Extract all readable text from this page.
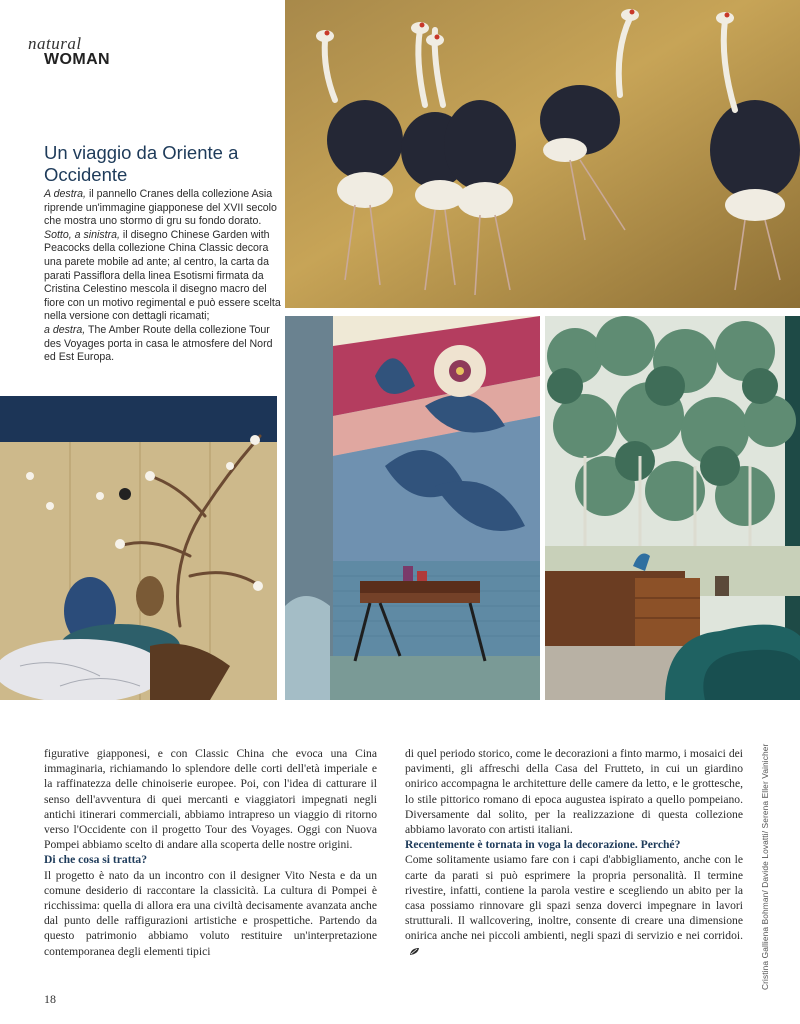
natural
WOMAN
Un viaggio da Oriente a Occidente

A destra, il pannello Cranes della collezione Asia riprende un'immagine giapponese del XVII secolo che mostra uno stormo di gru su fondo dorato.

Sotto, a sinistra, il disegno Chinese Garden with Peacocks della collezione China Classic decora una parete mobile ad ante; al centro, la carta da parati Passiflora della linea Esotismi firmata da Cristina Celestino mescola il disegno macro del fiore con un motivo regimental e può essere scelta nella versione con dettagli ricamati;

a destra, The Amber Route della collezione Tour des Voyages porta in casa le atmosfere del Nord ed Est Europa.

figurative giapponesi, e con Classic China che evoca una Cina immaginaria, richiamando lo splendore delle corti dell'età imperiale e la raffinatezza delle chinoiserie europee. Poi, con l'idea di catturare il senso dell'avventura di quei mercanti e viaggiatori impegnati negli antichi itinerari commerciali, abbiamo intrapreso un viaggio di ritorno verso l'Occidente con il progetto Tour des Voyages. Oggi con Nuova Pompei abbiamo scelto di andare alla scoperta delle nostre origini.

Di che cosa si tratta?

Il progetto è nato da un incontro con il designer Vito Nesta e da un comune desiderio di raccontare la classicità. La cultura di Pompei è ricchissima: quella di allora era una civiltà decisamente avanzata anche dal punto delle raffigurazioni artistiche e prospettiche. Partendo da questo patrimonio abbiamo voluto restituire un'interpretazione contemporanea degli elementi tipici

di quel periodo storico, come le decorazioni a finto marmo, i mosaici dei pavimenti, gli affreschi della Casa del Frutteto, in cui un giardino onirico accompagna le architetture delle camere da letto, e le grottesche, lo stile pittorico romano di epoca augustea ispirato a quello pompeiano. Diversamente dal solito, per la realizzazione di questa collezione abbiamo lavorato con artisti italiani.

Recentemente è tornata in voga la decorazione. Perché?

Come solitamente usiamo fare con i capi d'abbigliamento, anche con le carte da parati si può esprimere la propria personalità. Il termine rivestire, infatti, contiene la parola vestire e scegliendo un abito per la casa possiamo rinnovare gli spazi senza doverci impegnare in lavori strutturali. Il wallcovering, inoltre, consente di creare una dimensione onirica anche nei piccoli ambienti, negli spazi di servizio e nei corridoi.

18
Cristina Galliena Bohman/ Davide Lovatti/ Serena Eller Vainicher
